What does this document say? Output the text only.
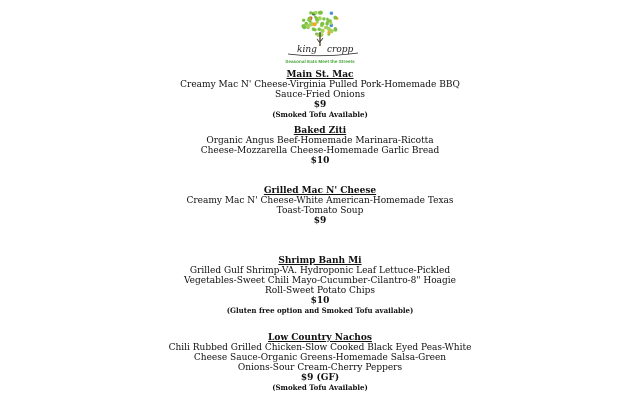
king cropp
Seasonal Eats Meet the Streets
Main St. Mac
Creamy Mac N' Cheese-Virginia Pulled Pork-Homemade BBQ
Sauce-Fried Onions
$9
(Smoked Tofu Available)
Baked Ziti
Organic Angus Beef-Homemade Marinara-Ricotta
Cheese-Mozzarella Cheese-Homemade Garlic Bread
$10
Grilled Mac N' Cheese
Creamy Mac N' Cheese-White American-Homemade Texas
Toast-Tomato Soup
$9
Shrimp Banh Mi
Grilled Gulf Shrimp-VA. Hydroponic Leaf Lettuce-Pickled
Vegetables-Sweet Chili Mayo-Cucumber-Cilantro-8" Hoagie
Roll-Sweet Potato Chips
$10
(Gluten free option and Smoked Tofu available)
Low Country Nachos
Chili Rubbed Grilled Chicken-Slow Cooked Black Eyed Peas-White
Cheese Sauce-Organic Greens-Homemade Salsa-Green
Onions-Sour Cream-Cherry Peppers
$9 (GF)
(Smoked Tofu Available)
